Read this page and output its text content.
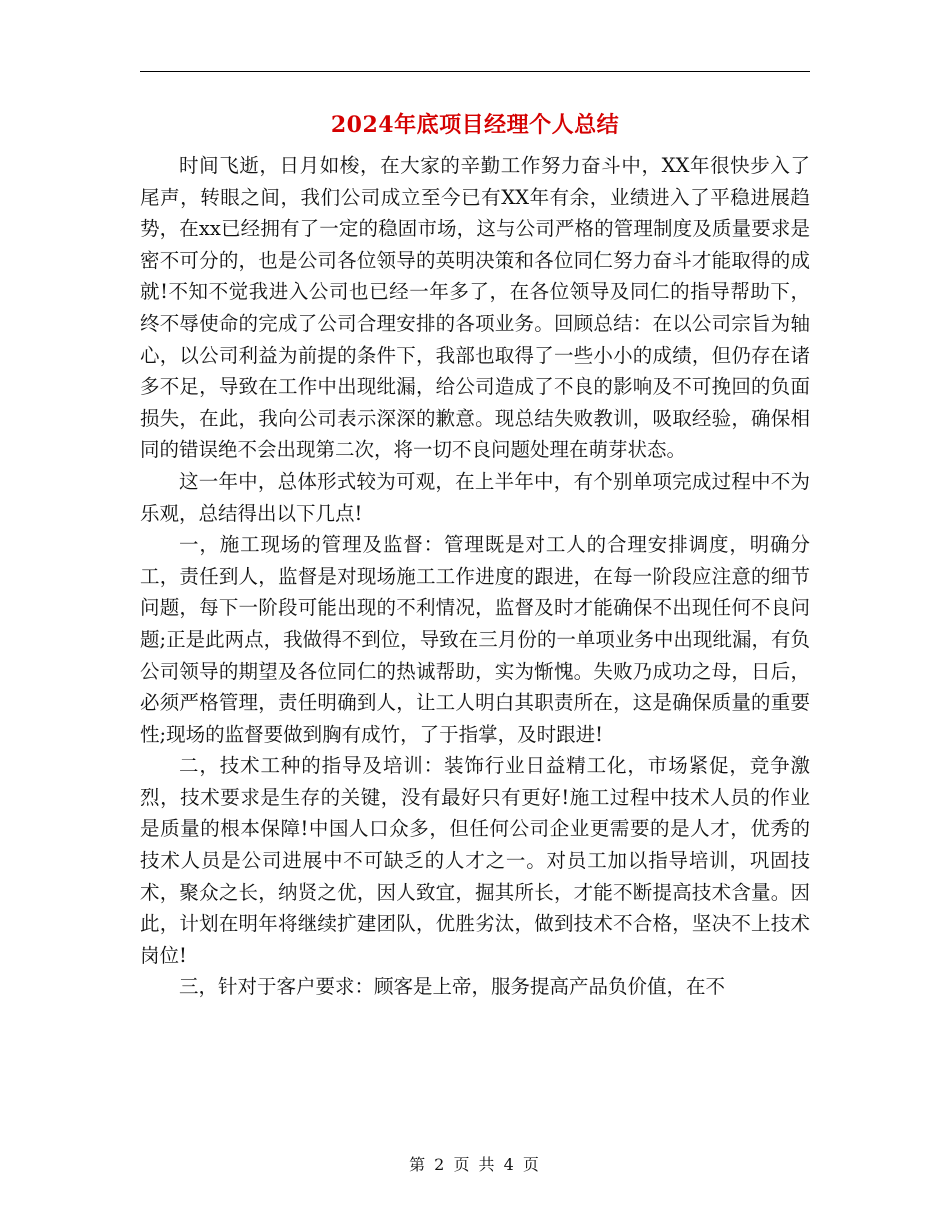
2024年底项目经理个人总结

时间飞逝，日月如梭，在大家的辛勤工作努力奋斗中，XX年很快步入了尾声，转眼之间，我们公司成立至今已有XX年有余，业绩进入了平稳进展趋势，在xx已经拥有了一定的稳固市场，这与公司严格的管理制度及质量要求是密不可分的，也是公司各位领导的英明决策和各位同仁努力奋斗才能取得的成就!不知不觉我进入公司也已经一年多了，在各位领导及同仁的指导帮助下，终不辱使命的完成了公司合理安排的各项业务。回顾总结：在以公司宗旨为轴心，以公司利益为前提的条件下，我部也取得了一些小小的成绩，但仍存在诸多不足，导致在工作中出现纰漏，给公司造成了不良的影响及不可挽回的负面损失，在此，我向公司表示深深的歉意。现总结失败教训，吸取经验，确保相同的错误绝不会出现第二次，将一切不良问题处理在萌芽状态。

这一年中，总体形式较为可观，在上半年中，有个别单项完成过程中不为乐观，总结得出以下几点!

一，施工现场的管理及监督：管理既是对工人的合理安排调度，明确分工，责任到人，监督是对现场施工工作进度的跟进，在每一阶段应注意的细节问题，每下一阶段可能出现的不利情况，监督及时才能确保不出现任何不良问题;正是此两点，我做得不到位，导致在三月份的一单项业务中出现纰漏，有负公司领导的期望及各位同仁的热诚帮助，实为惭愧。失败乃成功之母，日后，必须严格管理，责任明确到人，让工人明白其职责所在，这是确保质量的重要性;现场的监督要做到胸有成竹，了于指掌，及时跟进!

二，技术工种的指导及培训：装饰行业日益精工化，市场紧促，竞争激烈，技术要求是生存的关键，没有最好只有更好!施工过程中技术人员的作业是质量的根本保障!中国人口众多，但任何公司企业更需要的是人才，优秀的技术人员是公司进展中不可缺乏的人才之一。对员工加以指导培训，巩固技术，聚众之长，纳贤之优，因人致宜，掘其所长，才能不断提高技术含量。因此，计划在明年将继续扩建团队，优胜劣汰，做到技术不合格，坚决不上技术岗位!

三，针对于客户要求：顾客是上帝，服务提高产品负价值，在不

第 2 页 共 4 页
